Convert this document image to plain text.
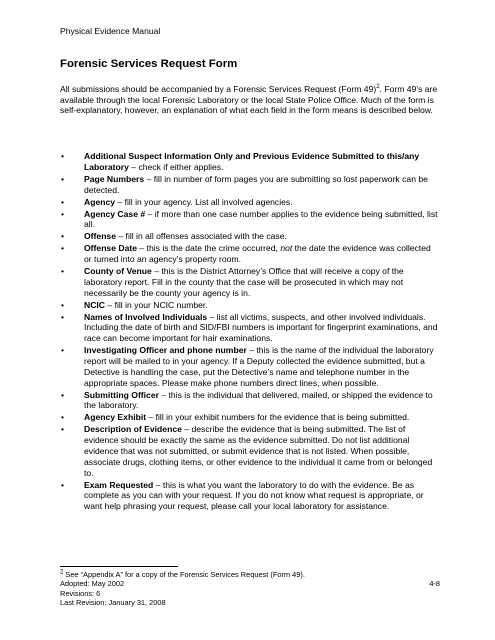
Physical Evidence Manual
Forensic Services Request Form

All submissions should be accompanied by a Forensic Services Request (Form 49)$^2$. Form 49’s are available through the local Forensic Laboratory or the local State Police Office. Much of the form is self-explanatory, however, an explanation of what each field in the form means is described below.

• Additional Suspect Information Only and Previous Evidence Submitted to this/any Laboratory – check if either applies.
• Page Numbers – fill in number of form pages you are submitting so lost paperwork can be detected.
• Agency – fill in your agency. List all involved agencies.
• Agency Case # – if more than one case number applies to the evidence being submitted, list all.
• Offense – fill in all offenses associated with the case.
• Offense Date – this is the date the crime occurred, not the date the evidence was collected or turned into an agency’s property room.
• County of Venue – this is the District Attorney’s Office that will receive a copy of the laboratory report. Fill in the county that the case will be prosecuted in which may not necessarily be the county your agency is in.
• NCIC – fill in your NCIC number.
• Names of Involved Individuals – list all victims, suspects, and other involved individuals. Including the date of birth and SID/FBI numbers is important for fingerprint examinations, and race can become important for hair examinations.
• Investigating Officer and phone number – this is the name of the individual the laboratory report will be mailed to in your agency. If a Deputy collected the evidence submitted, but a Detective is handling the case, put the Detective’s name and telephone number in the appropriate spaces. Please make phone numbers direct lines, when possible.
• Submitting Officer – this is the individual that delivered, mailed, or shipped the evidence to the laboratory.
• Agency Exhibit – fill in your exhibit numbers for the evidence that is being submitted.
• Description of Evidence – describe the evidence that is being submitted. The list of evidence should be exactly the same as the evidence submitted. Do not list additional evidence that was not submitted, or submit evidence that is not listed. When possible, associate drugs, clothing items, or other evidence to the individual it came from or belonged to.
• Exam Requested – this is what you want the laboratory to do with the evidence. Be as complete as you can with your request. If you do not know what request is appropriate, or want help phrasing your request, please call your local laboratory for assistance.
$^2$ See “Appendix A” for a copy of the Forensic Services Request (Form 49).
Adopted: May 2002	4-8
Revisions: 6
Last Revision: January 31, 2008
